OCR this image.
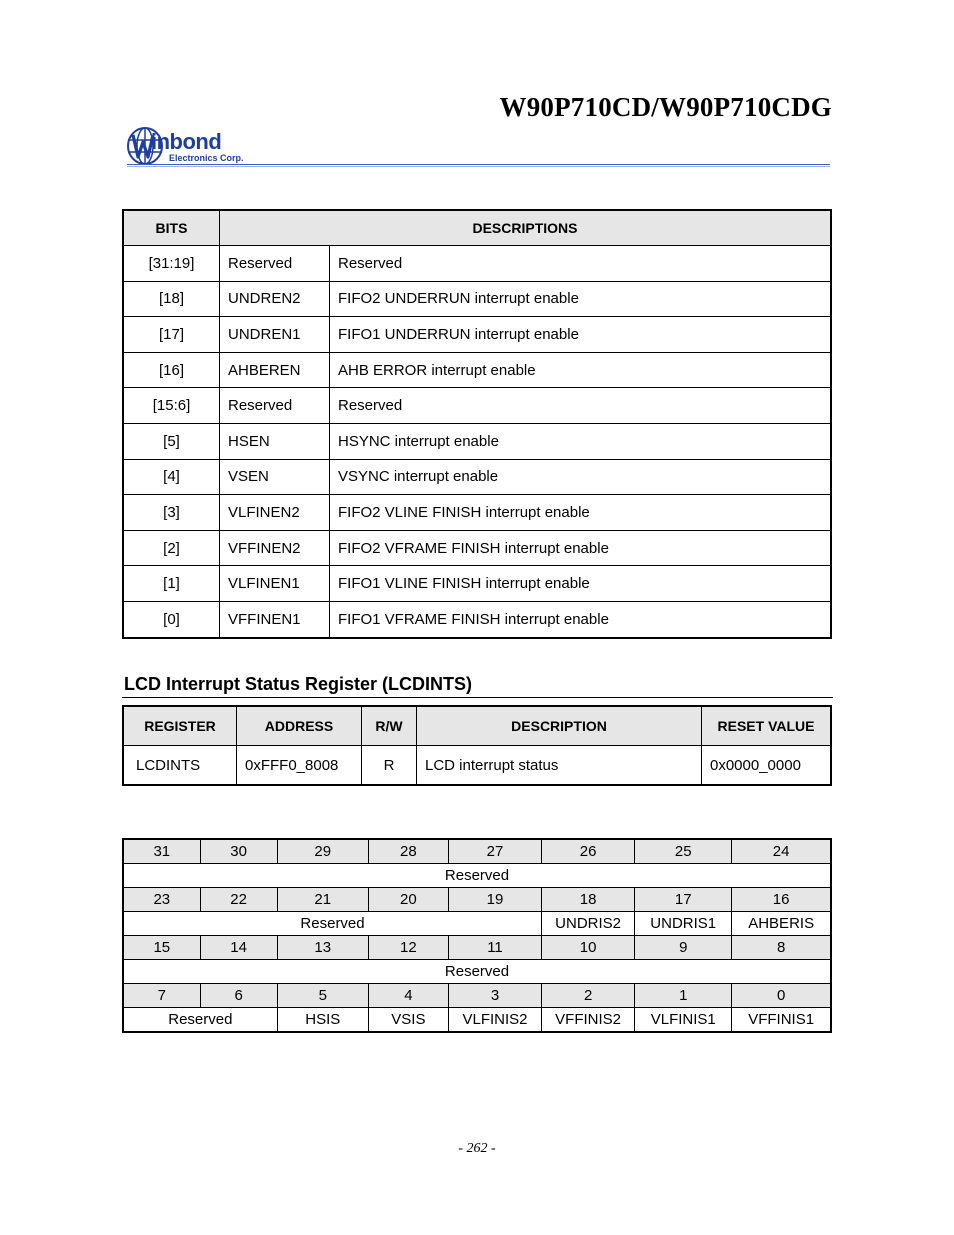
W90P710CD/W90P710CDG
inbond
Electronics Corp.
BITS	DESCRIPTIONS	
[31:19]	Reserved	Reserved
[18]	UNDREN2	FIFO2 UNDERRUN interrupt enable
[17]	UNDREN1	FIFO1 UNDERRUN interrupt enable
[16]	AHBEREN	AHB ERROR interrupt enable
[15:6]	Reserved	Reserved
[5]	HSEN	HSYNC interrupt enable
[4]	VSEN	VSYNC interrupt enable
[3]	VLFINEN2	FIFO2 VLINE FINISH interrupt enable
[2]	VFFINEN2	FIFO2 VFRAME FINISH interrupt enable
[1]	VLFINEN1	FIFO1 VLINE FINISH interrupt enable
[0]	VFFINEN1	FIFO1 VFRAME FINISH interrupt enable
LCD Interrupt Status Register (LCDINTS)
REGISTER	ADDRESS	R/W	DESCRIPTION	RESET VALUE
LCDINTS	0xFFF0_8008	R	LCD interrupt status	0x0000_0000
31	30	29	28	27	26	25	24
Reserved							
23	22	21	20	19	18	17	16
Reserved					UNDRIS2	UNDRIS1	AHBERIS
15	14	13	12	11	10	9	8
Reserved							
7	6	5	4	3	2	1	0
Reserved		HSIS	VSIS	VLFINIS2	VFFINIS2	VLFINIS1	VFFINIS1
- 262 -
